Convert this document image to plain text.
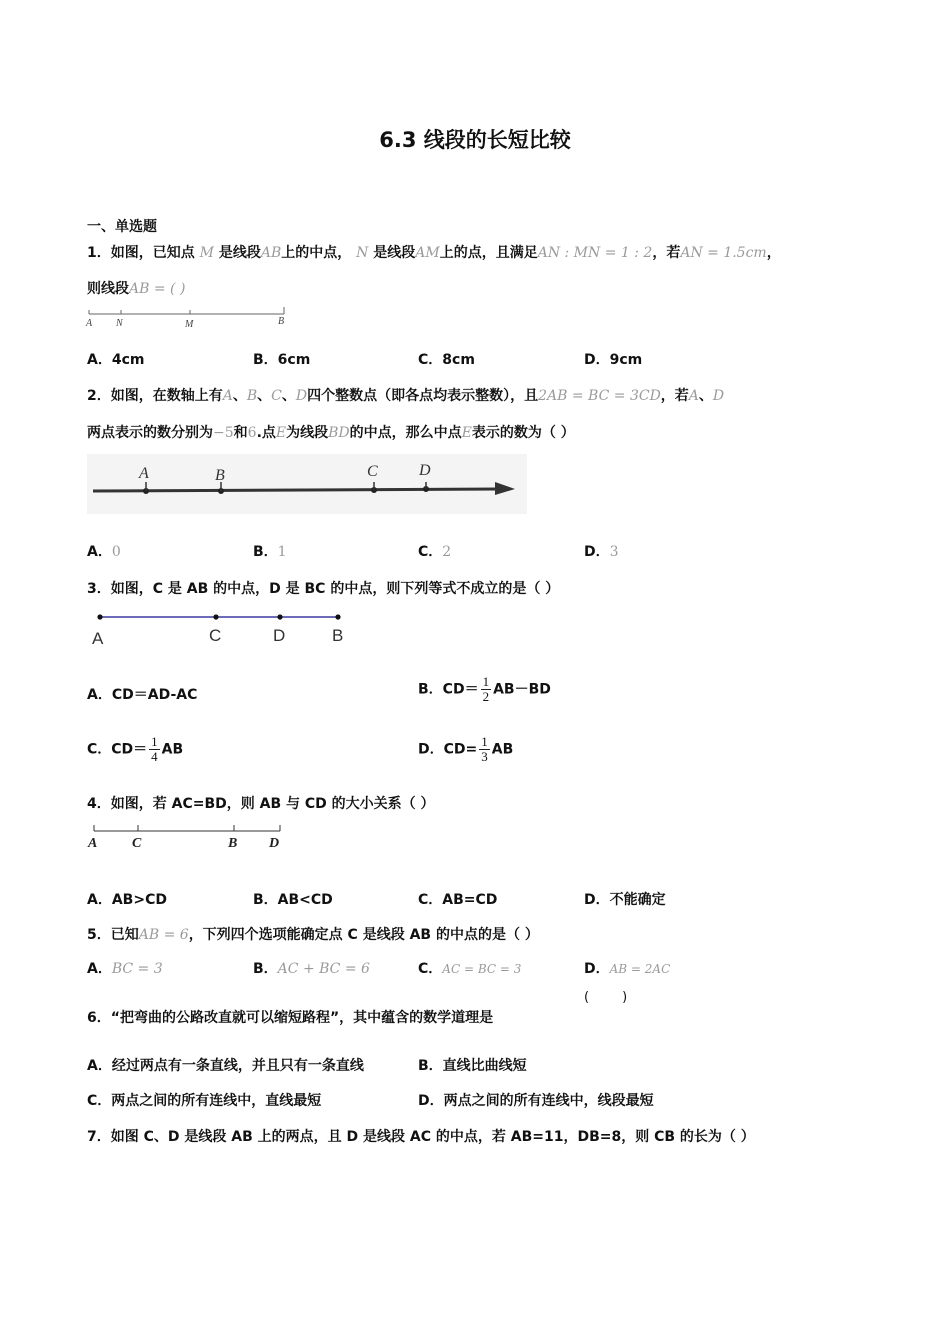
6.3 线段的长短比较
一、单选题
1．如图，已知点 M 是线段AB上的中点， N 是线段AM上的点，且满足AN : MN = 1 : 2，若AN = 1.5cm，
则线段AB = ( )
A N	M	B
A．4cm	B．6cm	C．8cm	D．9cm
2．如图，在数轴上有A、B、C、D四个整数点（即各点均表示整数），且2AB = BC = 3CD，若A、D
两点表示的数分别为−5和6.点E为线段BD的中点，那么中点E表示的数为（ ）
A	B	C	D
A．0	B．1	C．2	D．3
3．如图，C 是 AB 的中点，D 是 BC 的中点，则下列等式不成立的是（ ）
A	C	D	B
A．CD＝AD-AC	B．$CD= \frac{1}{2} AB-BD$
C．$CD= \frac{1}{4}$ AB	D．$CD= \frac{1}{3}$ AB
4．如图，若 AC=BD，则 AB 与 CD 的大小关系（ ）
A C	B D
A．AB>CD	B．AB<CD	C．AB=CD	D．不能确定
5．已知AB = 6，下列四个选项能确定点 C 是线段 AB 的中点的是（ ）
A．BC = 3	B．AC + BC = 6	C．AC = BC = 3	D．AB = 2AC
6．“把弯曲的公路改直就可以缩短路程”，其中蕴含的数学道理是
(        )
A．经过两点有一条直线，并且只有一条直线	B．直线比曲线短
C．两点之间的所有连线中，直线最短	D．两点之间的所有连线中，线段最短
7．如图 C、D 是线段 AB 上的两点，且 D 是线段 AC 的中点，若 AB=11，DB=8，则 CB 的长为（ ）
